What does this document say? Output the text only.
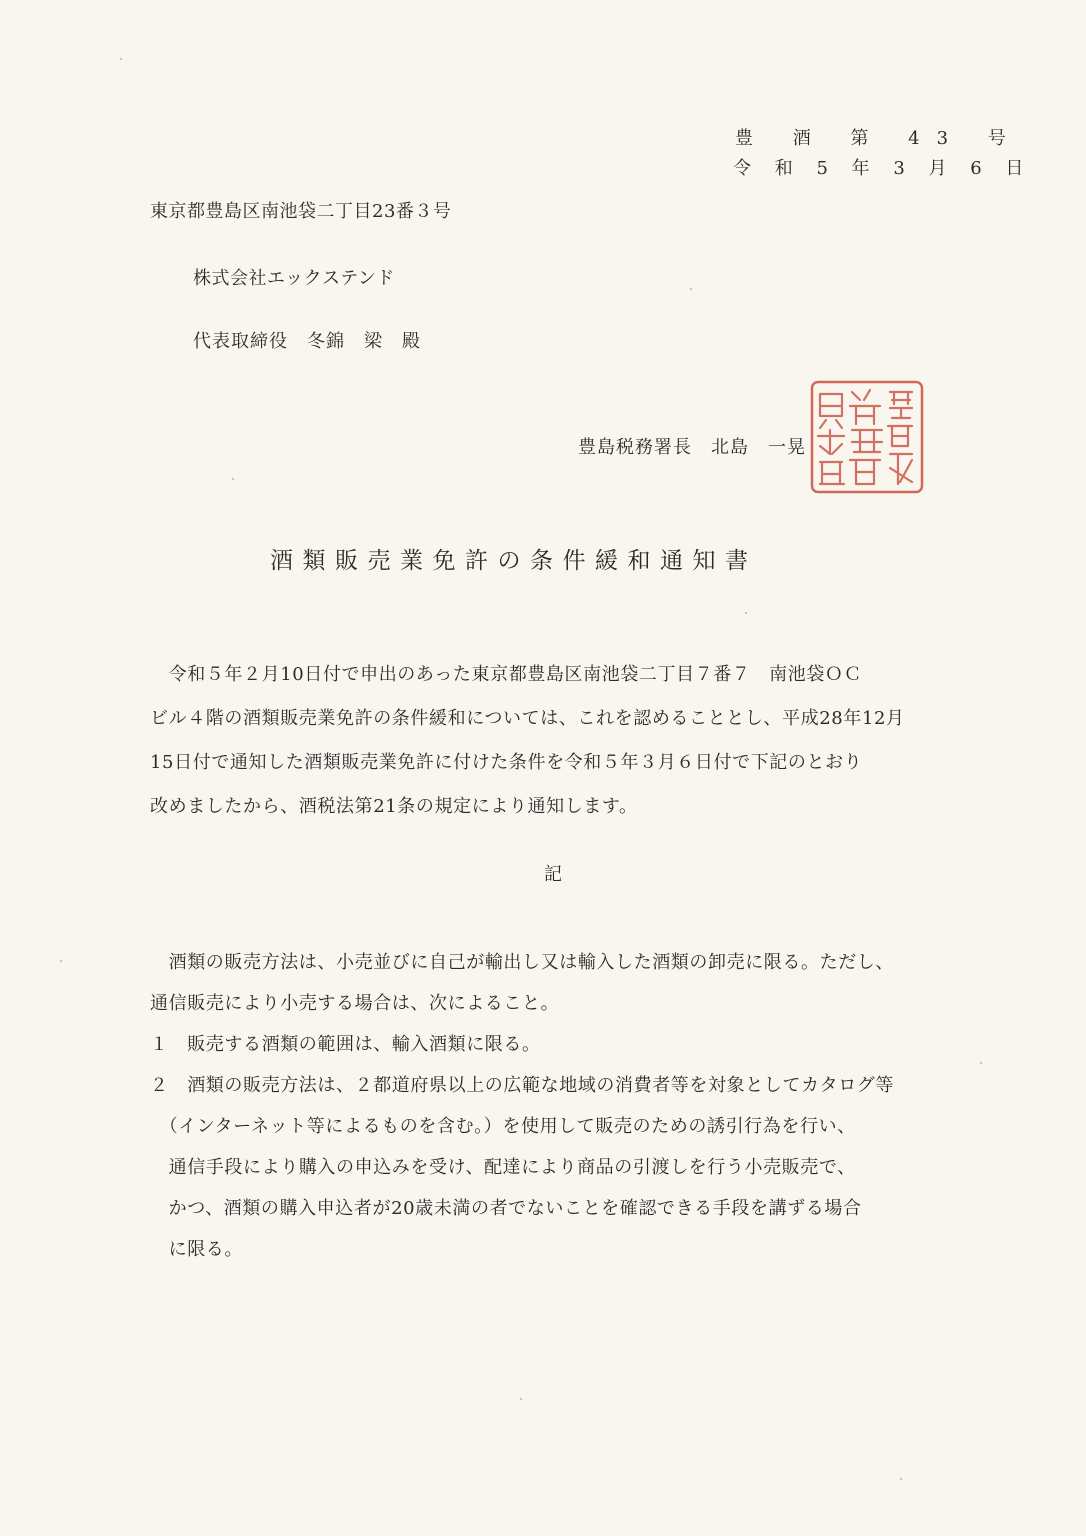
豊 酒 第 43 号
令 和 5 年 3 月 6 日
東京都豊島区南池袋二丁目23番３号
株式会社エックステンド
代表取締役　冬錦　梁　殿
豊島税務署長　北島　一晃
酒類販売業免許の条件緩和通知書
　令和５年２月10日付で申出のあった東京都豊島区南池袋二丁目７番７　南池袋ＯＣ
ビル４階の酒類販売業免許の条件緩和については、これを認めることとし、平成28年12月
15日付で通知した酒類販売業免許に付けた条件を令和５年３月６日付で下記のとおり
改めましたから、酒税法第21条の規定により通知します。
記
　酒類の販売方法は、小売並びに自己が輸出し又は輸入した酒類の卸売に限る。ただし、
通信販売により小売する場合は、次によること。
１　販売する酒類の範囲は、輸入酒類に限る。
２　酒類の販売方法は、２都道府県以上の広範な地域の消費者等を対象としてカタログ等
　（インターネット等によるものを含む。）を使用して販売のための誘引行為を行い、
　通信手段により購入の申込みを受け、配達により商品の引渡しを行う小売販売で、
　かつ、酒類の購入申込者が20歳未満の者でないことを確認できる手段を講ずる場合
　に限る。
